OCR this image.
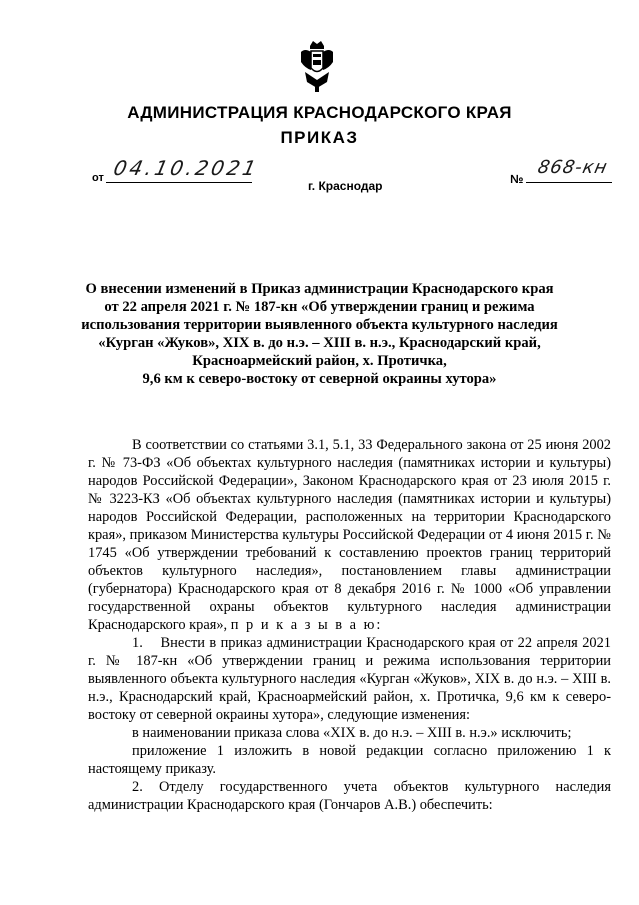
АДМИНИСТРАЦИЯ КРАСНОДАРСКОГО КРАЯ
ПРИКАЗ
от 04.10.2021
г. Краснодар	№
868-кн
О внесении изменений в Приказ администрации Краснодарского края
от 22 апреля 2021 г. № 187-кн «Об утверждении границ и режима
использования территории выявленного объекта культурного наследия
«Курган «Жуков», XIX в. до н.э. – XIII в. н.э., Краснодарский край,
Красноармейский район, х. Протичка,
9,6 км к северо-востоку от северной окраины хутора»

В соответствии со статьями 3.1, 5.1, 33 Федерального закона от 25 июня 2002 г. № 73-ФЗ «Об объектах культурного наследия (памятниках истории и культуры) народов Российской Федерации», Законом Краснодарского края от 23 июля 2015 г. № 3223-КЗ «Об объектах культурного наследия (памятниках истории и культуры) народов Российской Федерации, расположенных на территории Краснодарского края», приказом Министерства культуры Российской Федерации от 4 июня 2015 г. № 1745 «Об утверждении требований к составлению проектов границ территорий объектов культурного наследия», постановлением главы администрации (губернатора) Краснодарского края от 8 декабря 2016 г. № 1000 «Об управлении государственной охраны объектов культурного наследия администрации Краснодарского края», п р и к а з ы в а ю:

1.    Внести в приказ администрации Краснодарского края от 22 апреля 2021 г. № 187-кн «Об утверждении границ и режима использования территории выявленного объекта культурного наследия «Курган «Жуков», XIX в. до н.э. – XIII в. н.э., Краснодарский край, Красноармейский район, х. Протичка, 9,6 км к северо-востоку от северной окраины хутора», следующие изменения:

в наименовании приказа слова «XIX в. до н.э. – XIII в. н.э.» исключить;

приложение 1 изложить в новой редакции согласно приложению 1 к настоящему приказу.

2. Отделу государственного учета объектов культурного наследия администрации Краснодарского края (Гончаров А.В.) обеспечить:
